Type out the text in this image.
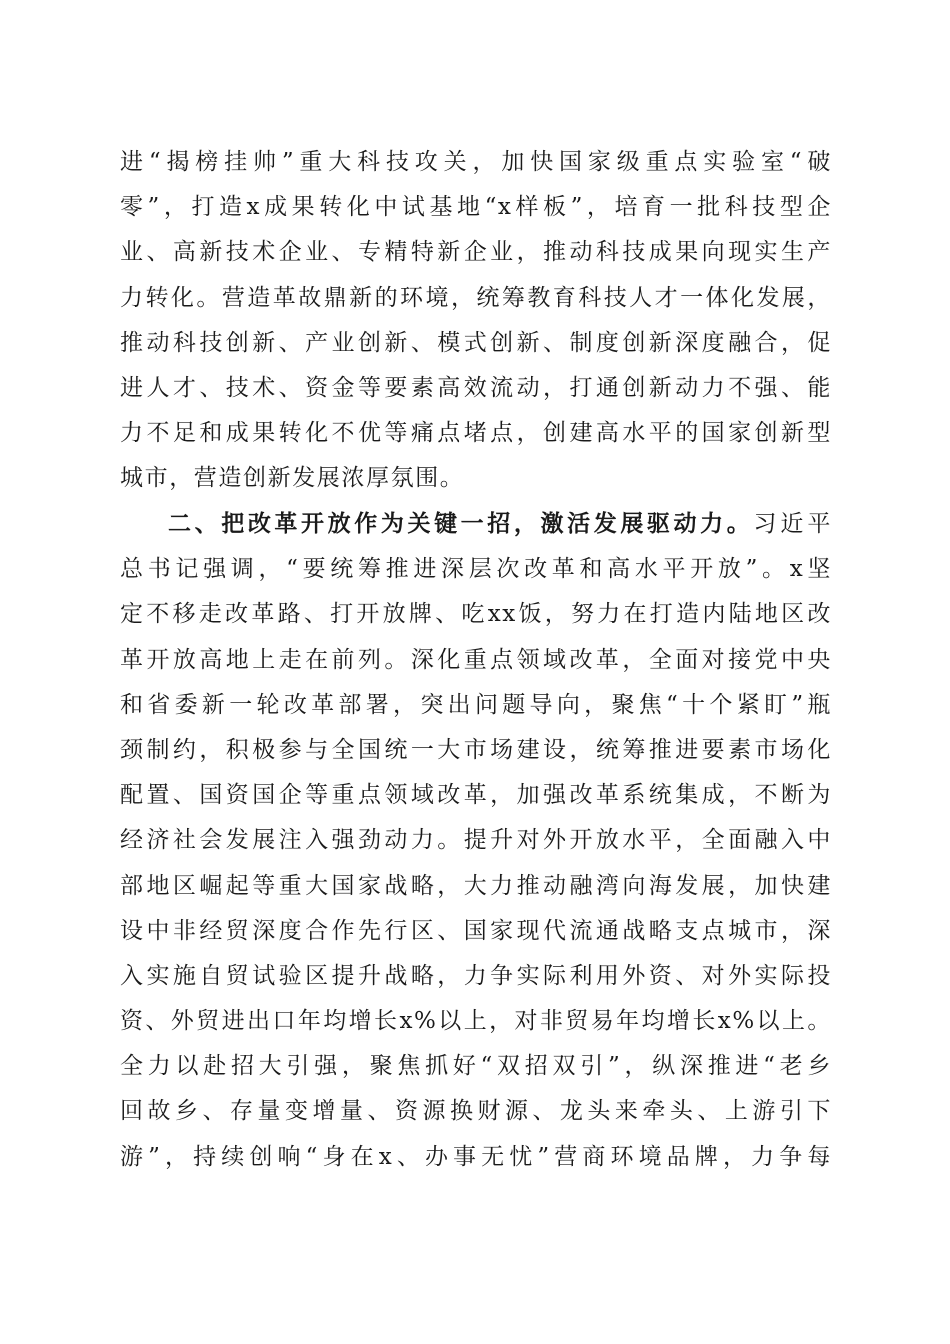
进“揭榜挂帅”重大科技攻关，加快国家级重点实验室“破
零”，打造x成果转化中试基地“x样板”，培育一批科技型企
业、高新技术企业、专精特新企业，推动科技成果向现实生产
力转化。营造革故鼎新的环境，统筹教育科技人才一体化发展，
推动科技创新、产业创新、模式创新、制度创新深度融合，促
进人才、技术、资金等要素高效流动，打通创新动力不强、能
力不足和成果转化不优等痛点堵点，创建高水平的国家创新型
城市，营造创新发展浓厚氛围。
二、把改革开放作为关键一招，激活发展驱动力。习近平
总书记强调，“要统筹推进深层次改革和高水平开放”。x坚
定不移走改革路、打开放牌、吃xx饭，努力在打造内陆地区改
革开放高地上走在前列。深化重点领域改革，全面对接党中央
和省委新一轮改革部署，突出问题导向，聚焦“十个紧盯”瓶
颈制约，积极参与全国统一大市场建设，统筹推进要素市场化
配置、国资国企等重点领域改革，加强改革系统集成，不断为
经济社会发展注入强劲动力。提升对外开放水平，全面融入中
部地区崛起等重大国家战略，大力推动融湾向海发展，加快建
设中非经贸深度合作先行区、国家现代流通战略支点城市，深
入实施自贸试验区提升战略，力争实际利用外资、对外实际投
资、外贸进出口年均增长x%以上，对非贸易年均增长x%以上。
全力以赴招大引强，聚焦抓好“双招双引”，纵深推进“老乡
回故乡、存量变增量、资源换财源、龙头来牵头、上游引下
游”，持续创响“身在x、办事无忧”营商环境品牌，力争每
